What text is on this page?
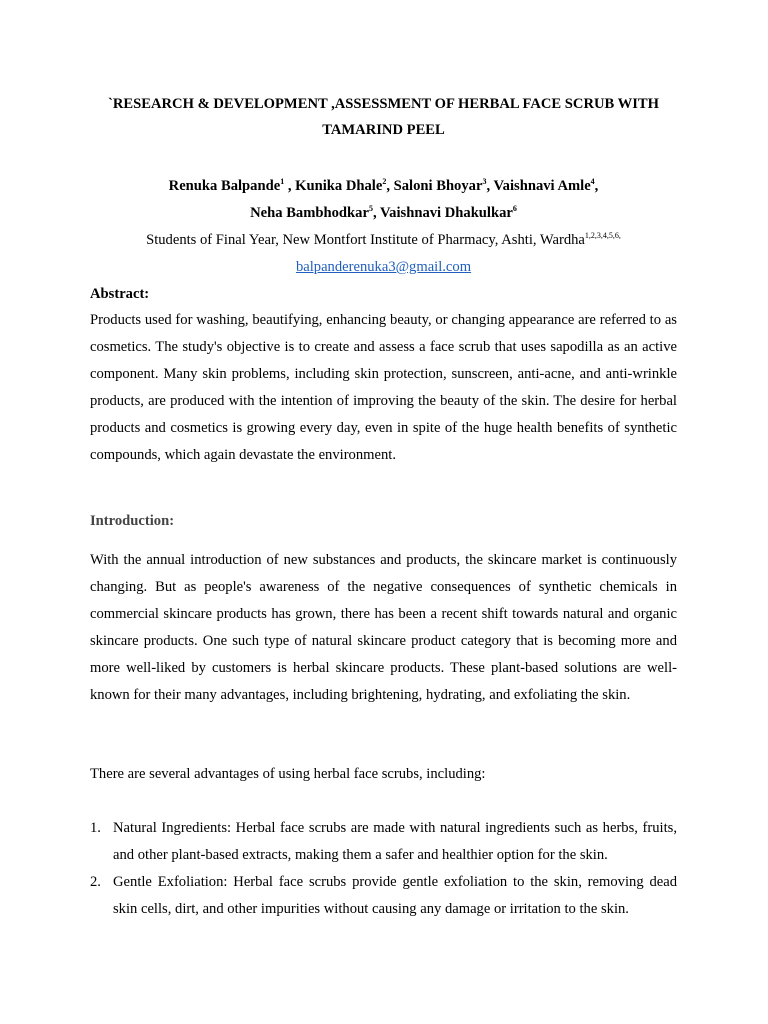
`RESEARCH & DEVELOPMENT ,ASSESSMENT OF HERBAL FACE SCRUB WITH
TAMARIND PEEL
Renuka Balpande$^1$ , Kunika Dhale$^2$, Saloni Bhoyar$^3$, Vaishnavi Amle$^4$,
Neha Bambhodkar$^5$, Vaishnavi Dhakulkar$^6$
Students of Final Year, New Montfort Institute of Pharmacy, Ashti, Wardha$^{1,2,3,4,5,6,}$
balpanderenuka3@gmail.com
Abstract:
Products used for washing, beautifying, enhancing beauty, or changing appearance are referred to as cosmetics. The study's objective is to create and assess a face scrub that uses sapodilla as an active component. Many skin problems, including skin protection, sunscreen, anti-acne, and anti-wrinkle products, are produced with the intention of improving the beauty of the skin. The desire for herbal products and cosmetics is growing every day, even in spite of the huge health benefits of synthetic compounds, which again devastate the environment.
Introduction:
With the annual introduction of new substances and products, the skincare market is continuously changing. But as people's awareness of the negative consequences of synthetic chemicals in commercial skincare products has grown, there has been a recent shift towards natural and organic skincare products. One such type of natural skincare product category that is becoming more and more well-liked by customers is herbal skincare products. These plant-based solutions are well-known for their many advantages, including brightening, hydrating, and exfoliating the skin.
There are several advantages of using herbal face scrubs, including:
1. Natural Ingredients: Herbal face scrubs are made with natural ingredients such as herbs, fruits, and other plant-based extracts, making them a safer and healthier option for the skin.
2. Gentle Exfoliation: Herbal face scrubs provide gentle exfoliation to the skin, removing dead skin cells, dirt, and other impurities without causing any damage or irritation to the skin.
